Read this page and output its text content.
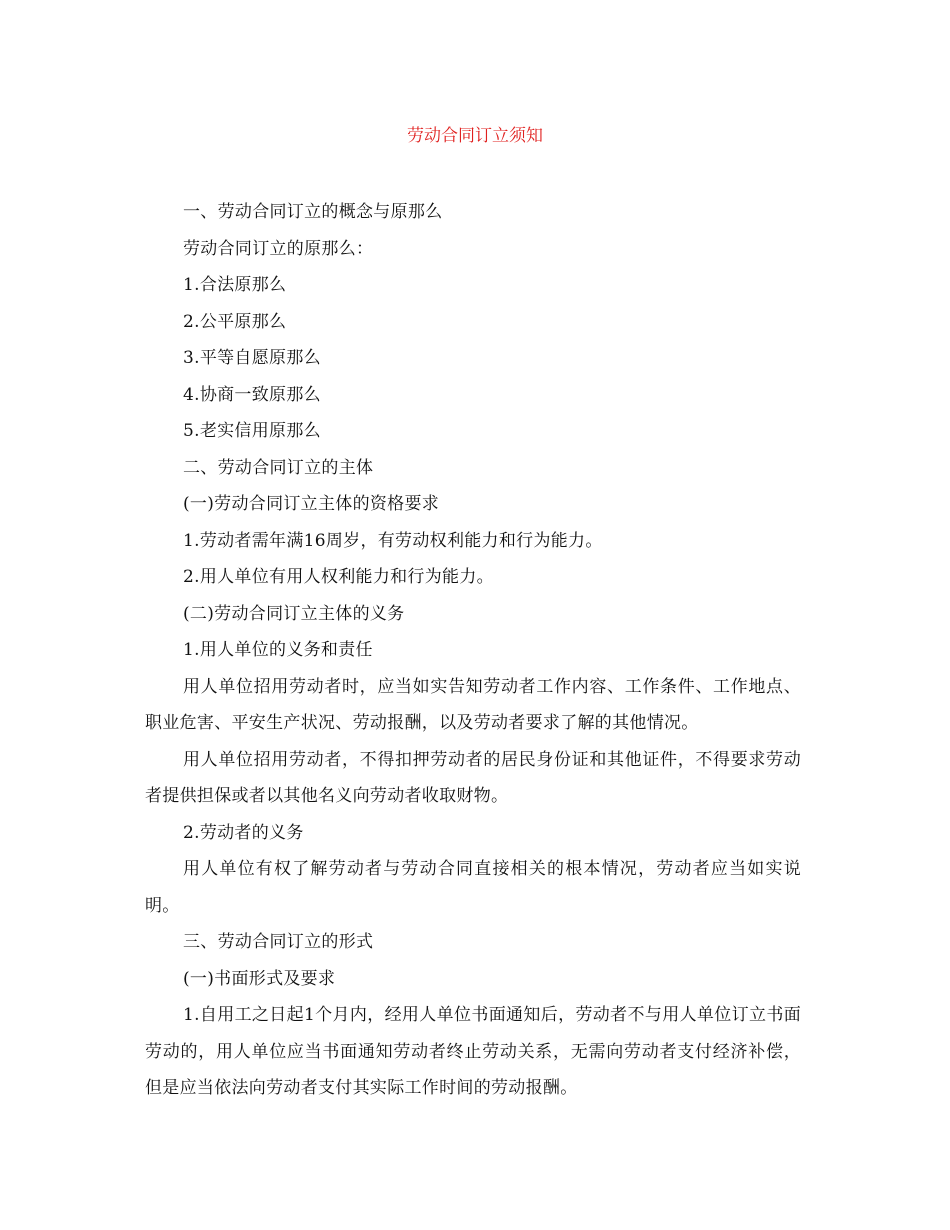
劳动合同订立须知

一、劳动合同订立的概念与原那么

劳动合同订立的原那么：

1.合法原那么

2.公平原那么

3.平等自愿原那么

4.协商一致原那么

5.老实信用原那么

二、劳动合同订立的主体

(一)劳动合同订立主体的资格要求

1.劳动者需年满16周岁，有劳动权利能力和行为能力。

2.用人单位有用人权利能力和行为能力。

(二)劳动合同订立主体的义务

1.用人单位的义务和责任

用人单位招用劳动者时，应当如实告知劳动者工作内容、工作条件、工作地点、职业危害、平安生产状况、劳动报酬，以及劳动者要求了解的其他情况。

用人单位招用劳动者，不得扣押劳动者的居民身份证和其他证件，不得要求劳动者提供担保或者以其他名义向劳动者收取财物。

2.劳动者的义务

用人单位有权了解劳动者与劳动合同直接相关的根本情况，劳动者应当如实说明。

三、劳动合同订立的形式

(一)书面形式及要求

1.自用工之日起1个月内，经用人单位书面通知后，劳动者不与用人单位订立书面劳动的，用人单位应当书面通知劳动者终止劳动关系，无需向劳动者支付经济补偿，但是应当依法向劳动者支付其实际工作时间的劳动报酬。
